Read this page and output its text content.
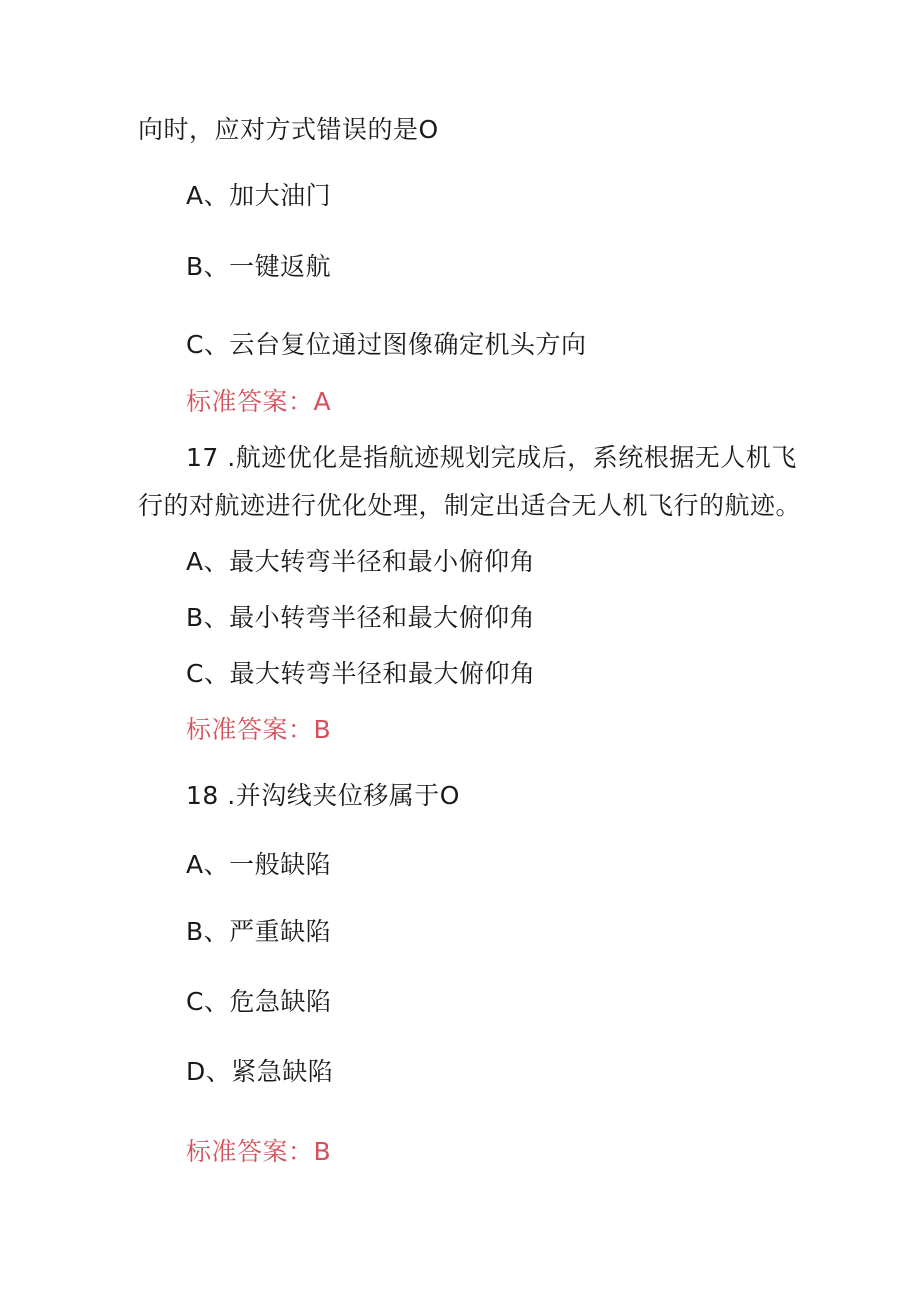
向时，应对方式错误的是O
A、加大油门
B、一键返航
C、云台复位通过图像确定机头方向
标准答案：A
17 .航迹优化是指航迹规划完成后，系统根据无人机飞
行的对航迹进行优化处理，制定出适合无人机飞行的航迹。
A、最大转弯半径和最小俯仰角
B、最小转弯半径和最大俯仰角
C、最大转弯半径和最大俯仰角
标准答案：B
18 .并沟线夹位移属于O
A、一般缺陷
B、严重缺陷
C、危急缺陷
D、紧急缺陷
标准答案：B
